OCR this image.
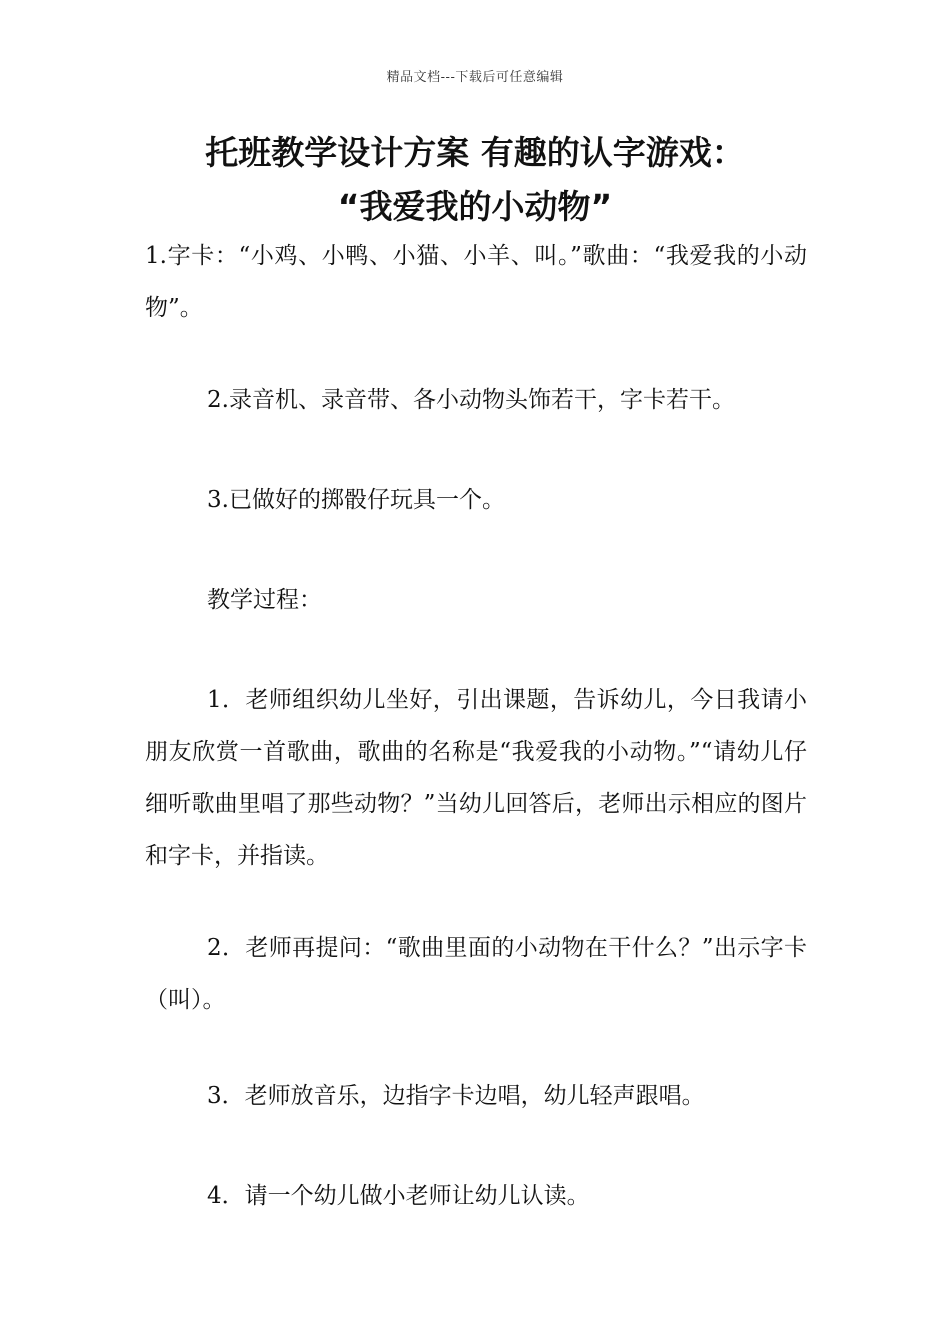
精品文档---下载后可任意编辑
托班教学设计方案 有趣的认字游戏：
“我爱我的小动物”
1.字卡：“小鸡、小鸭、小猫、小羊、叫。”歌曲：“我爱我的小动物”。
2.录音机、录音带、各小动物头饰若干，字卡若干。
3.已做好的掷骰仔玩具一个。
教学过程：
1．老师组织幼儿坐好，引出课题，告诉幼儿，今日我请小朋友欣赏一首歌曲，歌曲的名称是“我爱我的小动物。”“请幼儿仔细听歌曲里唱了那些动物？”当幼儿回答后，老师出示相应的图片和字卡，并指读。
2．老师再提问：“歌曲里面的小动物在干什么？”出示字卡（叫）。
3．老师放音乐，边指字卡边唱，幼儿轻声跟唱。
4．请一个幼儿做小老师让幼儿认读。
